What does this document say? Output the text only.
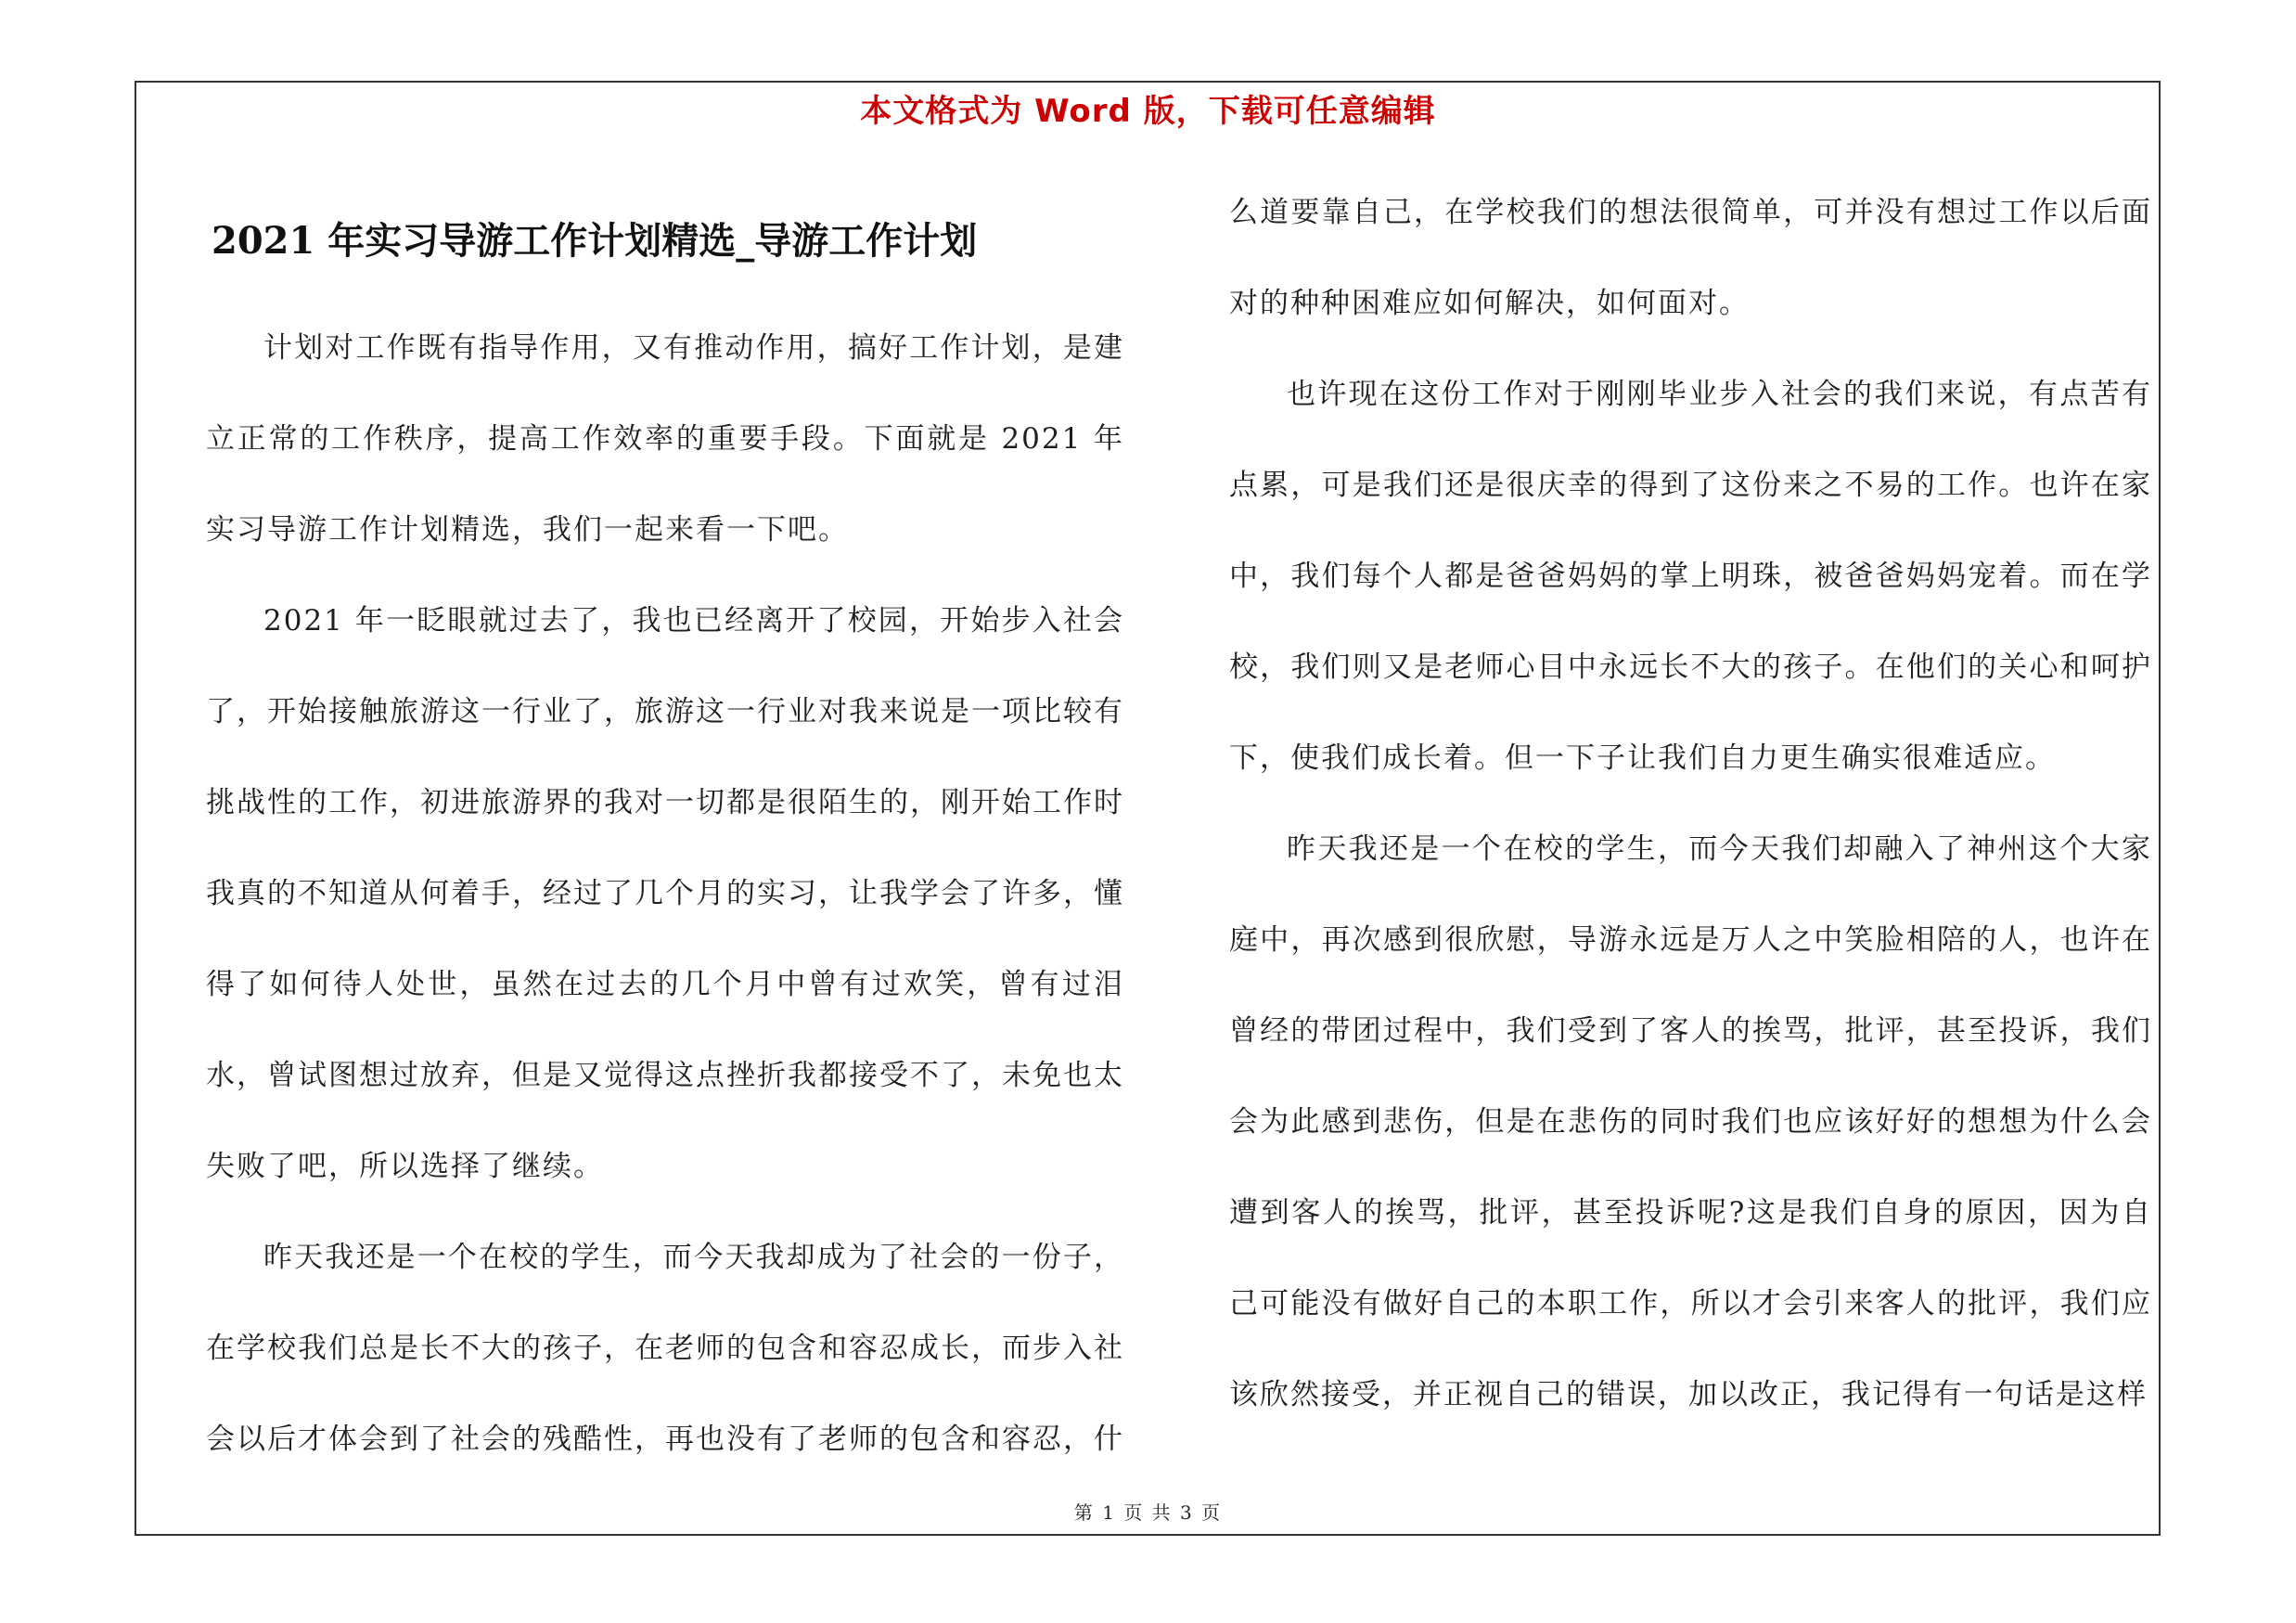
本文格式为 Word 版，下载可任意编辑
2021 年实习导游工作计划精选_导游工作计划

计划对工作既有指导作用，又有推动作用，搞好工作计划，是建立正常的工作秩序，提高工作效率的重要手段。下面就是 2021 年实习导游工作计划精选，我们一起来看一下吧。

2021 年一眨眼就过去了，我也已经离开了校园，开始步入社会了，开始接触旅游这一行业了，旅游这一行业对我来说是一项比较有挑战性的工作，初进旅游界的我对一切都是很陌生的，刚开始工作时我真的不知道从何着手，经过了几个月的实习，让我学会了许多，懂得了如何待人处世，虽然在过去的几个月中曾有过欢笑，曾有过泪水，曾试图想过放弃，但是又觉得这点挫折我都接受不了，未免也太失败了吧，所以选择了继续。

昨天我还是一个在校的学生，而今天我却成为了社会的一份子，在学校我们总是长不大的孩子，在老师的包含和容忍成长，而步入社会以后才体会到了社会的残酷性，再也没有了老师的包含和容忍，什

么道要靠自己，在学校我们的想法很简单，可并没有想过工作以后面对的种种困难应如何解决，如何面对。

也许现在这份工作对于刚刚毕业步入社会的我们来说，有点苦有点累，可是我们还是很庆幸的得到了这份来之不易的工作。也许在家中，我们每个人都是爸爸妈妈的掌上明珠，被爸爸妈妈宠着。而在学校，我们则又是老师心目中永远长不大的孩子。在他们的关心和呵护下，使我们成长着。但一下子让我们自力更生确实很难适应。

昨天我还是一个在校的学生，而今天我们却融入了神州这个大家庭中，再次感到很欣慰，导游永远是万人之中笑脸相陪的人，也许在曾经的带团过程中，我们受到了客人的挨骂，批评，甚至投诉，我们会为此感到悲伤，但是在悲伤的同时我们也应该好好的想想为什么会遭到客人的挨骂，批评，甚至投诉呢?这是我们自身的原因，因为自己可能没有做好自己的本职工作，所以才会引来客人的批评，我们应该欣然接受，并正视自己的错误，加以改正，我记得有一句话是这样

第 1 页 共 3 页
